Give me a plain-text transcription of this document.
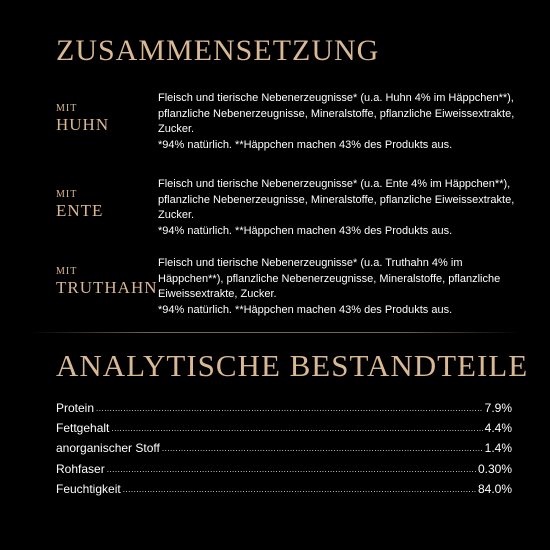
ZUSAMMENSETZUNG
MIT
HUHN
Fleisch und tierische Nebenerzeugnisse* (u.a. Huhn 4% im Häppchen**), pflanzliche Nebenerzeugnisse, Mineralstoffe, pflanzliche Eiweissextrakte, Zucker.
*94% natürlich. **Häppchen machen 43% des Produkts aus.
MIT
ENTE
Fleisch und tierische Nebenerzeugnisse* (u.a. Ente 4% im Häppchen**), pflanzliche Nebenerzeugnisse, Mineralstoffe, pflanzliche Eiweissextrakte, Zucker.
*94% natürlich. **Häppchen machen 43% des Produkts aus.
MIT
TRUTHAHN
Fleisch und tierische Nebenerzeugnisse* (u.a. Truthahn 4% im Häppchen**), pflanzliche Nebenerzeugnisse, Mineralstoffe, pflanzliche Eiweissextrakte, Zucker.
*94% natürlich. **Häppchen machen 43% des Produkts aus.
ANALYTISCHE BESTANDTEILE
Protein .....	7.9%
Fettgehalt .....	4.4%
anorganischer Stoff .....	1.4%
Rohfaser .....	0.30%
Feuchtigkeit .....	84.0%
